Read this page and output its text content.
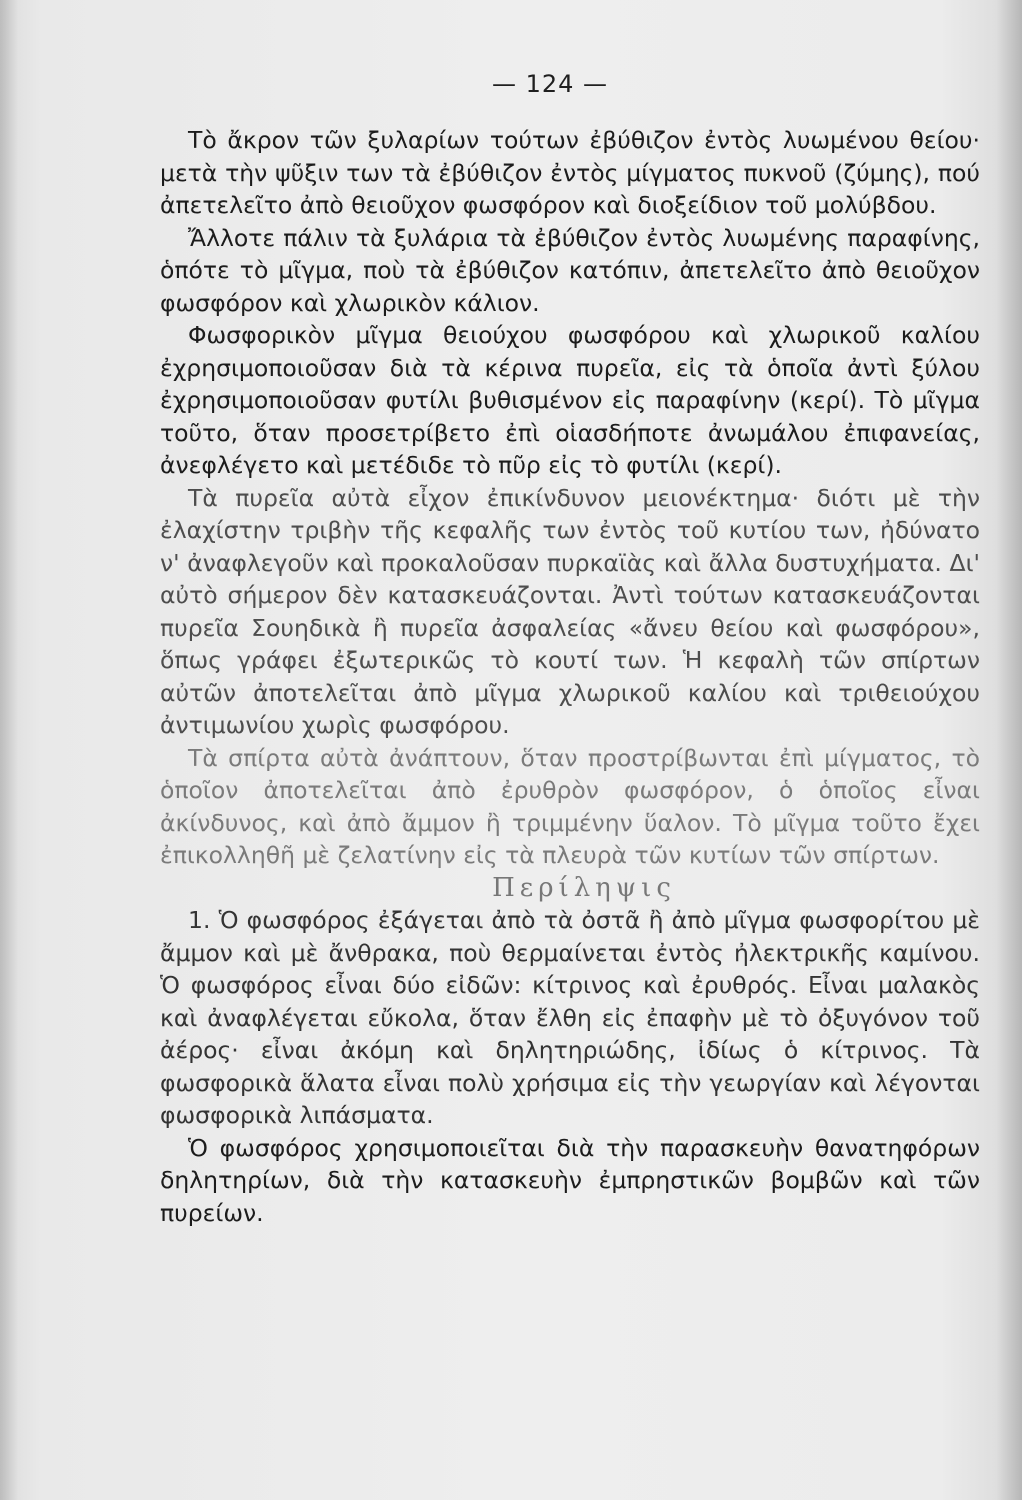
— 124 —

Τὸ ἄκρον τῶν ξυλαρίων τούτων ἐβύθιζον ἐντὸς λυωμένου θείου· μετὰ τὴν ψῦξιν των τὰ ἐβύθιζον ἐντὸς μίγματος πυκνοῦ (ζύμης), πού ἀπετελεῖτο ἀπὸ θειοῦχον φωσφόρον καὶ διοξείδιον τοῦ μολύβδου.

Ἄλλοτε πάλιν τὰ ξυλάρια τὰ ἐβύθιζον ἐντὸς λυωμένης παραφίνης, ὁπότε τὸ μῖγμα, ποὺ τὰ ἐβύθιζον κατόπιν, ἀπετελεῖτο ἀπὸ θειοῦχον φωσφόρον καὶ χλωρικὸν κάλιον.

Φωσφορικὸν μῖγμα θειούχου φωσφόρου καὶ χλωρικοῦ καλίου ἐχρησιμοποιοῦσαν διὰ τὰ κέρινα πυρεῖα, εἰς τὰ ὁποῖα ἀντὶ ξύλου ἐχρησιμοποιοῦσαν φυτίλι βυθισμένον εἰς παραφίνην (κερί). Τὸ μῖγμα τοῦτο, ὅταν προσετρίβετο ἐπὶ οἱασδήποτε ἀνωμάλου ἐπιφανείας, ἀνεφλέγετο καὶ μετέδιδε τὸ πῦρ εἰς τὸ φυτίλι (κερί).

Τὰ πυρεῖα αὐτὰ εἶχον ἐπικίνδυνον μειονέκτημα· διότι μὲ τὴν ἐλαχίστην τριβὴν τῆς κεφαλῆς των ἐντὸς τοῦ κυτίου των, ἠδύνατο ν' ἀναφλεγοῦν καὶ προκαλοῦσαν πυρκαϊὰς καὶ ἄλλα δυστυχήματα. Δι' αὐτὸ σήμερον δὲν κατασκευάζονται. Ἀντὶ τούτων κατασκευάζονται πυρεῖα Σουηδικὰ ἢ πυρεῖα ἀσφαλείας «ἄνευ θείου καὶ φωσφόρου», ὅπως γράφει ἐξωτερικῶς τὸ κουτί των. Ἡ κεφαλὴ τῶν σπίρτων αὐτῶν ἀποτελεῖται ἀπὸ μῖγμα χλωρικοῦ καλίου καὶ τριθειούχου ἀντιμωνίου χωρὶς φωσφόρου.

Τὰ σπίρτα αὐτὰ ἀνάπτουν, ὅταν προστρίβωνται ἐπὶ μίγματος, τὸ ὁποῖον ἀποτελεῖται ἀπὸ ἐρυθρὸν φωσφόρον, ὁ ὁποῖος εἶναι ἀκίνδυνος, καὶ ἀπὸ ἄμμον ἢ τριμμένην ὕαλον. Τὸ μῖγμα τοῦτο ἔχει ἐπικολληθῆ μὲ ζελατίνην εἰς τὰ πλευρὰ τῶν κυτίων τῶν σπίρτων.

Περίληψις

1. Ὁ φωσφόρος ἐξάγεται ἀπὸ τὰ ὀστᾶ ἢ ἀπὸ μῖγμα φωσφορίτου μὲ ἄμμον καὶ μὲ ἄνθρακα, ποὺ θερμαίνεται ἐντὸς ἠλεκτρικῆς καμίνου. Ὁ φωσφόρος εἶναι δύο εἰδῶν: κίτρινος καὶ ἐρυθρός. Εἶναι μαλακὸς καὶ ἀναφλέγεται εὔκολα, ὅταν ἔλθη εἰς ἐπαφὴν μὲ τὸ ὀξυγόνον τοῦ ἀέρος· εἶναι ἀκόμη καὶ δηλητηριώδης, ἰδίως ὁ κίτρινος. Τὰ φωσφορικὰ ἅλατα εἶναι πολὺ χρήσιμα εἰς τὴν γεωργίαν καὶ λέγονται φωσφορικὰ λιπάσματα.

Ὁ φωσφόρος χρησιμοποιεῖται διὰ τὴν παρασκευὴν θανατηφόρων δηλητηρίων, διὰ τὴν κατασκευὴν ἐμπρηστικῶν βομβῶν καὶ τῶν πυρείων.
